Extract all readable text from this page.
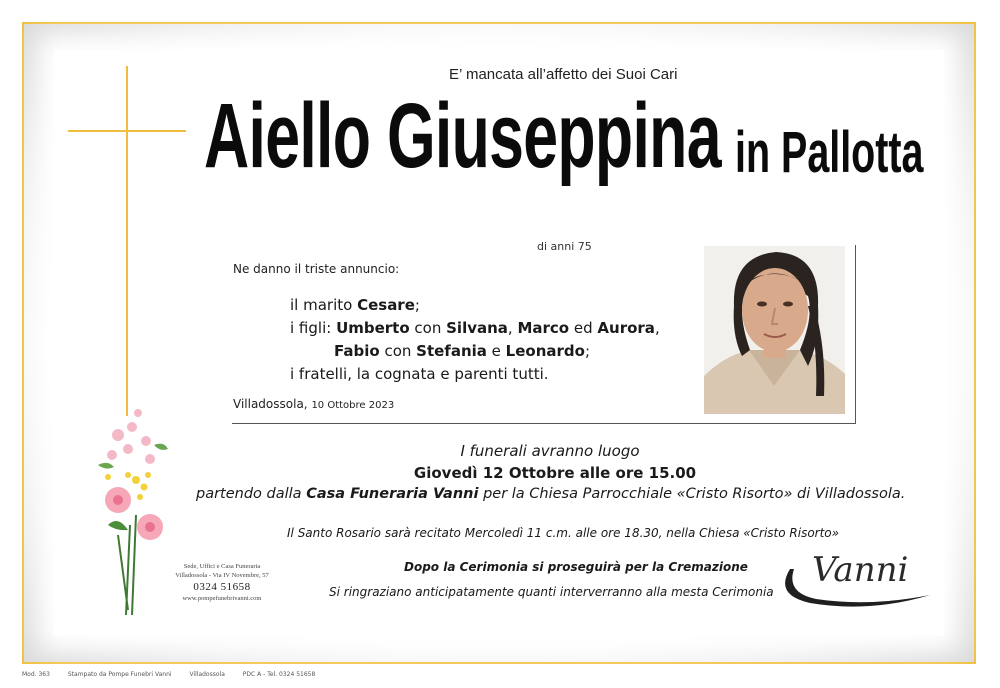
E’ mancata all’affetto dei Suoi Cari
Aiello Giuseppina in Pallotta
di anni 75
Ne danno il triste annuncio:
il marito Cesare;
i figli: Umberto con Silvana, Marco ed Aurora,
Fabio con Stefania e Leonardo;
i fratelli, la cognata e parenti tutti.
Villadossola, 10 Ottobre 2023
I funerali avranno luogo
Giovedì 12 Ottobre alle ore 15.00
partendo dalla Casa Funeraria Vanni per la Chiesa Parrocchiale «Cristo Risorto» di Villadossola.
Il Santo Rosario sarà recitato Mercoledì 11 c.m. alle ore 18.30, nella Chiesa «Cristo Risorto»
Dopo la Cerimonia si proseguirà per la Cremazione
Si ringraziano anticipatamente quanti interverranno alla mesta Cerimonia
Sede, Uffici e Casa Funeraria
Villadossola - Via IV Novembre, 57
0324 51658
www.pompefunebrivanni.com
Vanni
Mod. 363	Stampato da Pompe Funebri Vanni	Villadossola	PDC A - Tel. 0324 51658
